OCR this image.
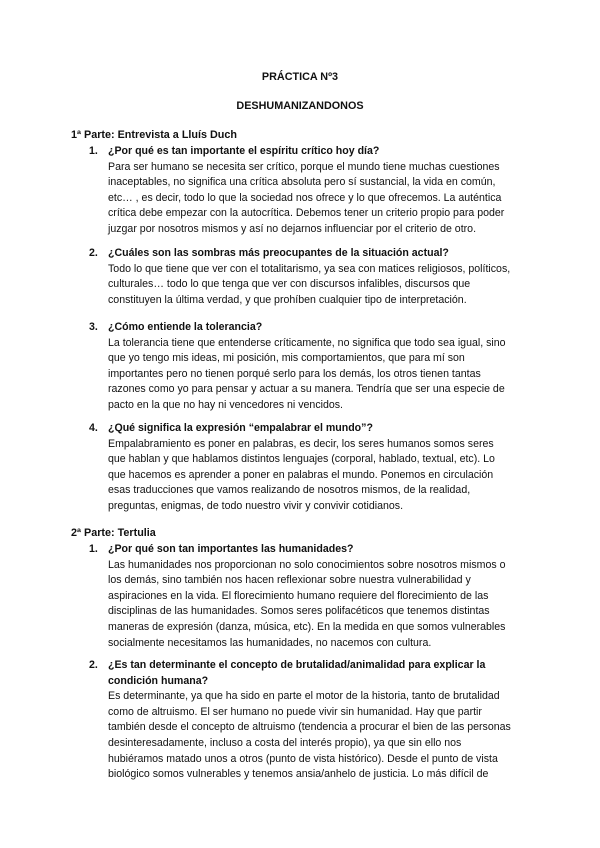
PRÁCTICA Nº3
DESHUMANIZANDONOS
1ª Parte: Entrevista a Lluís Duch
1. ¿Por qué es tan importante el espíritu crítico hoy día?
Para ser humano se necesita ser crítico, porque el mundo tiene muchas cuestiones inaceptables, no significa una crítica absoluta pero sí sustancial, la vida en común, etc… , es decir, todo lo que la sociedad nos ofrece y lo que ofrecemos. La auténtica crítica debe empezar con la autocrítica. Debemos tener un criterio propio para poder juzgar por nosotros mismos y así no dejarnos influenciar por el criterio de otro.
2. ¿Cuáles son las sombras más preocupantes de la situación actual?
Todo lo que tiene que ver con el totalitarismo, ya sea con matices religiosos, políticos, culturales… todo lo que tenga que ver con discursos infalibles, discursos que constituyen la última verdad, y que prohíben cualquier tipo de interpretación.
3. ¿Cómo entiende la tolerancia?
La tolerancia tiene que entenderse críticamente, no significa que todo sea igual, sino que yo tengo mis ideas, mi posición, mis comportamientos, que para mí son importantes pero no tienen porqué serlo para los demás, los otros tienen tantas razones como yo para pensar y actuar a su manera. Tendría que ser una especie de pacto en la que no hay ni vencedores ni vencidos.
4. ¿Qué significa la expresión “empalabrar el mundo”?
Empalabramiento es poner en palabras, es decir, los seres humanos somos seres que hablan y que hablamos distintos lenguajes (corporal, hablado, textual, etc). Lo que hacemos es aprender a poner en palabras el mundo. Ponemos en circulación esas traducciones que vamos realizando de nosotros mismos, de la realidad, preguntas, enigmas, de todo nuestro vivir y convivir cotidianos.
2ª Parte: Tertulia
1. ¿Por qué son tan importantes las humanidades?
Las humanidades nos proporcionan no solo conocimientos sobre nosotros mismos o los demás, sino también nos hacen reflexionar sobre nuestra vulnerabilidad y aspiraciones en la vida. El florecimiento humano requiere del florecimiento de las disciplinas de las humanidades. Somos seres polifacéticos que tenemos distintas maneras de expresión (danza, música, etc). En la medida en que somos vulnerables socialmente necesitamos las humanidades, no nacemos con cultura.
2. ¿Es tan determinante el concepto de brutalidad/animalidad para explicar la condición humana?
Es determinante, ya que ha sido en parte el motor de la historia, tanto de brutalidad como de altruismo. El ser humano no puede vivir sin humanidad. Hay que partir también desde el concepto de altruismo (tendencia a procurar el bien de las personas desinteresadamente, incluso a costa del interés propio), ya que sin ello nos hubiéramos matado unos a otros (punto de vista histórico). Desde el punto de vista biológico somos vulnerables y tenemos ansia/anhelo de justicia. Lo más difícil de
